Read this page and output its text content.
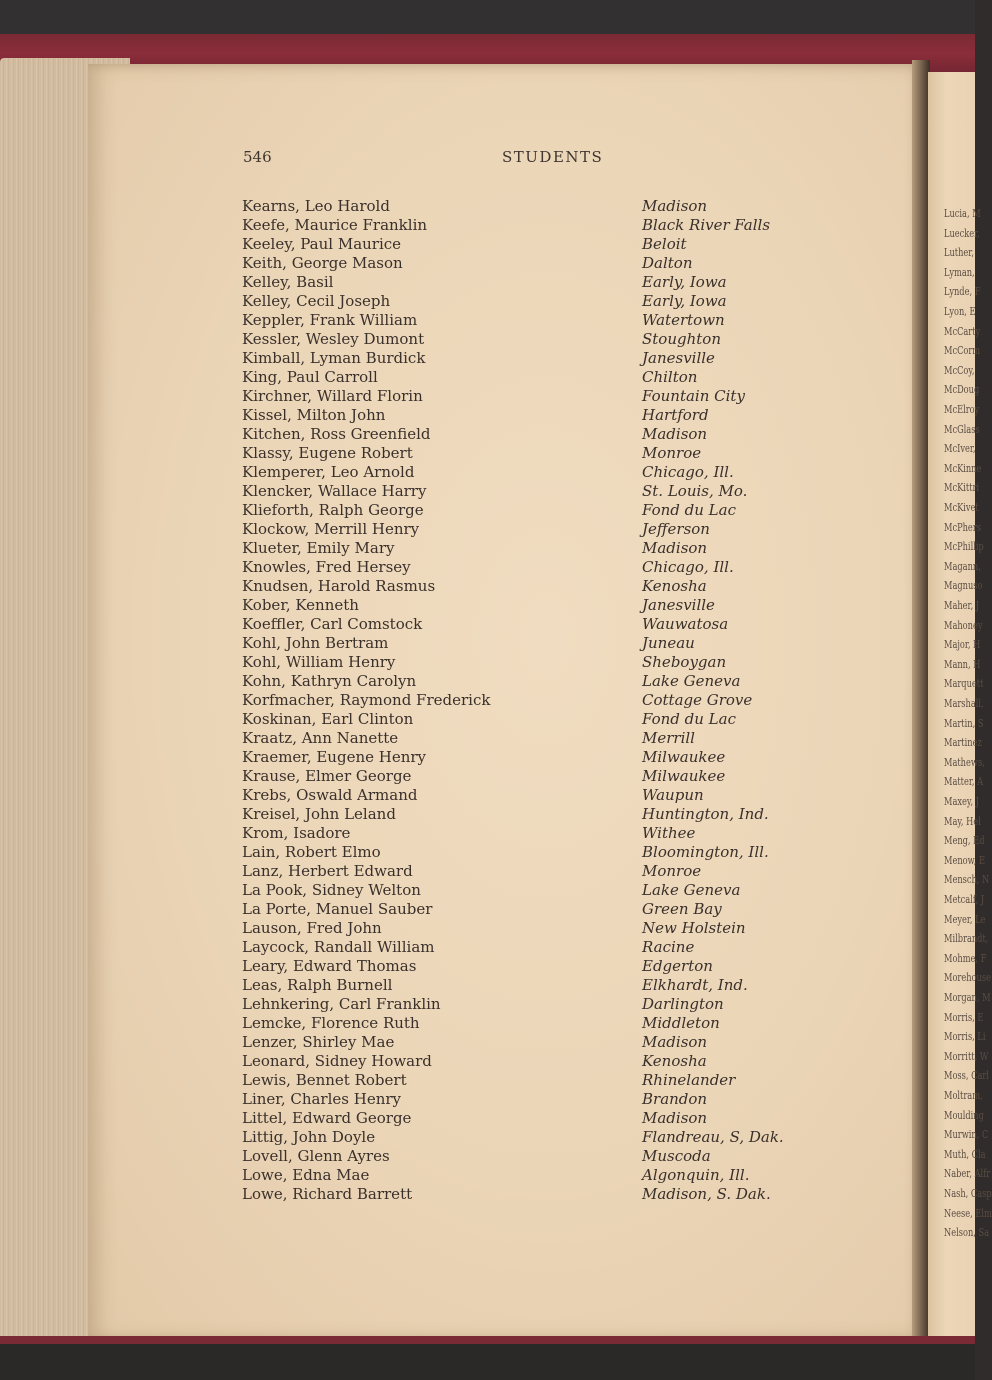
Lucia, M
Luecker,
Luther,
Lyman,
Lynde, F
Lyon, E
McCarty
McCorm
McCoy,
McDoug
McElroy
McGlass
McIver,
McKinne
McKittri
McKivet
McPhers
McPhillip
Magann,
Magnuso
Maher, J
Mahoney
Major, H
Mann, H
Marquett
Marshall,
Martin, S
Martinez
Mathews,
Matter, A
Maxey, J
May, Hel
Meng, Ed
Menow, E
Mensch, N
Metcalf, J
Meyer, Le
Milbrandt,
Mohme, F
Morehouse
Morgan, M
Morris, E
Morris, Li
Morritt, W
Moss, Carl
Moltram,
Moulding
Murwin, C
Muth, Cla
Naber, Alfr
Nash, Casp
Neese, Elm
Nelson, Sa
546	STUDENTS
Kearns, Leo Harold	Madison
Keefe, Maurice Franklin	Black River Falls
Keeley, Paul Maurice	Beloit
Keith, George Mason	Dalton
Kelley, Basil	Early, Iowa
Kelley, Cecil Joseph	Early, Iowa
Keppler, Frank William	Watertown
Kessler, Wesley Dumont	Stoughton
Kimball, Lyman Burdick	Janesville
King, Paul Carroll	Chilton
Kirchner, Willard Florin	Fountain City
Kissel, Milton John	Hartford
Kitchen, Ross Greenfield	Madison
Klassy, Eugene Robert	Monroe
Klemperer, Leo Arnold	Chicago, Ill.
Klencker, Wallace Harry	St. Louis, Mo.
Klieforth, Ralph George	Fond du Lac
Klockow, Merrill Henry	Jefferson
Klueter, Emily Mary	Madison
Knowles, Fred Hersey	Chicago, Ill.
Knudsen, Harold Rasmus	Kenosha
Kober, Kenneth	Janesville
Koeffler, Carl Comstock	Wauwatosa
Kohl, John Bertram	Juneau
Kohl, William Henry	Sheboygan
Kohn, Kathryn Carolyn	Lake Geneva
Korfmacher, Raymond Frederick	Cottage Grove
Koskinan, Earl Clinton	Fond du Lac
Kraatz, Ann Nanette	Merrill
Kraemer, Eugene Henry	Milwaukee
Krause, Elmer George	Milwaukee
Krebs, Oswald Armand	Waupun
Kreisel, John Leland	Huntington, Ind.
Krom, Isadore	Withee
Lain, Robert Elmo	Bloomington, Ill.
Lanz, Herbert Edward	Monroe
La Pook, Sidney Welton	Lake Geneva
La Porte, Manuel Sauber	Green Bay
Lauson, Fred John	New Holstein
Laycock, Randall William	Racine
Leary, Edward Thomas	Edgerton
Leas, Ralph Burnell	Elkhardt, Ind.
Lehnkering, Carl Franklin	Darlington
Lemcke, Florence Ruth	Middleton
Lenzer, Shirley Mae	Madison
Leonard, Sidney Howard	Kenosha
Lewis, Bennet Robert	Rhinelander
Liner, Charles Henry	Brandon
Littel, Edward George	Madison
Littig, John Doyle	Flandreau, S, Dak.
Lovell, Glenn Ayres	Muscoda
Lowe, Edna Mae	Algonquin, Ill.
Lowe, Richard Barrett	Madison, S. Dak.
